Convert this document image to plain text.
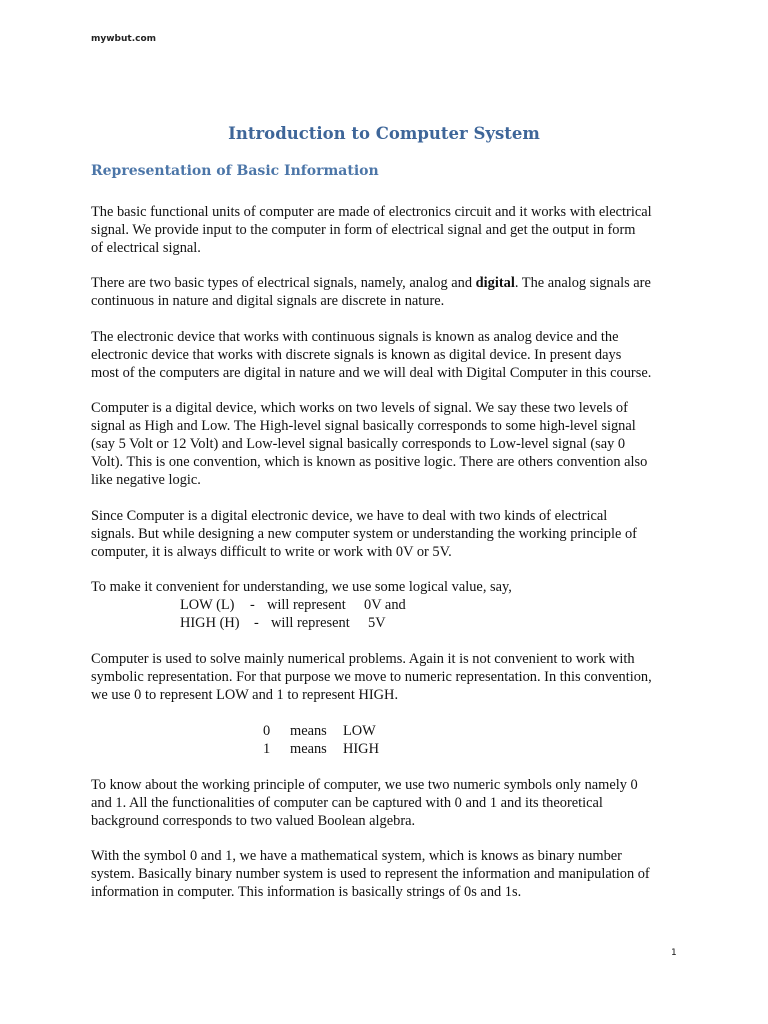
mywbut.com
Introduction to Computer System
Representation of Basic Information
The basic functional units of computer are made of electronics circuit and it works with electrical
signal. We provide input to the computer in form of electrical signal and get the output in form
of electrical signal.
There are two basic types of electrical signals, namely, analog and digital. The analog signals are
continuous in nature and digital signals are discrete in nature.
The electronic device that works with continuous signals is known as analog device and the
electronic device that works with discrete signals is known as digital device. In present days
most of the computers are digital in nature and we will deal with Digital Computer in this course.
Computer is a digital device, which works on two levels of signal. We say these two levels of
signal as High and Low. The High-level signal basically corresponds to some high-level signal
(say 5 Volt or 12 Volt) and Low-level signal basically corresponds to Low-level signal (say 0
Volt). This is one convention, which is known as positive logic. There are others convention also
like negative logic.
Since Computer is a digital electronic device, we have to deal with two kinds of electrical
signals. But while designing a new computer system or understanding the working principle of
computer, it is always difficult to write or work with 0V or 5V.
To make it convenient for understanding, we use some logical value, say,
LOW (L) - will represent 0V and
HIGH (H) - will represent 5V
Computer is used to solve mainly numerical problems. Again it is not convenient to work with
symbolic representation. For that purpose we move to numeric representation. In this convention,
we use 0 to represent LOW and 1 to represent HIGH.
0 means LOW
1 means HIGH
To know about the working principle of computer, we use two numeric symbols only namely 0
and 1. All the functionalities of computer can be captured with 0 and 1 and its theoretical
background corresponds to two valued Boolean algebra.
With the symbol 0 and 1, we have a mathematical system, which is knows as binary number
system. Basically binary number system is used to represent the information and manipulation of
information in computer. This information is basically strings of 0s and 1s.
1
